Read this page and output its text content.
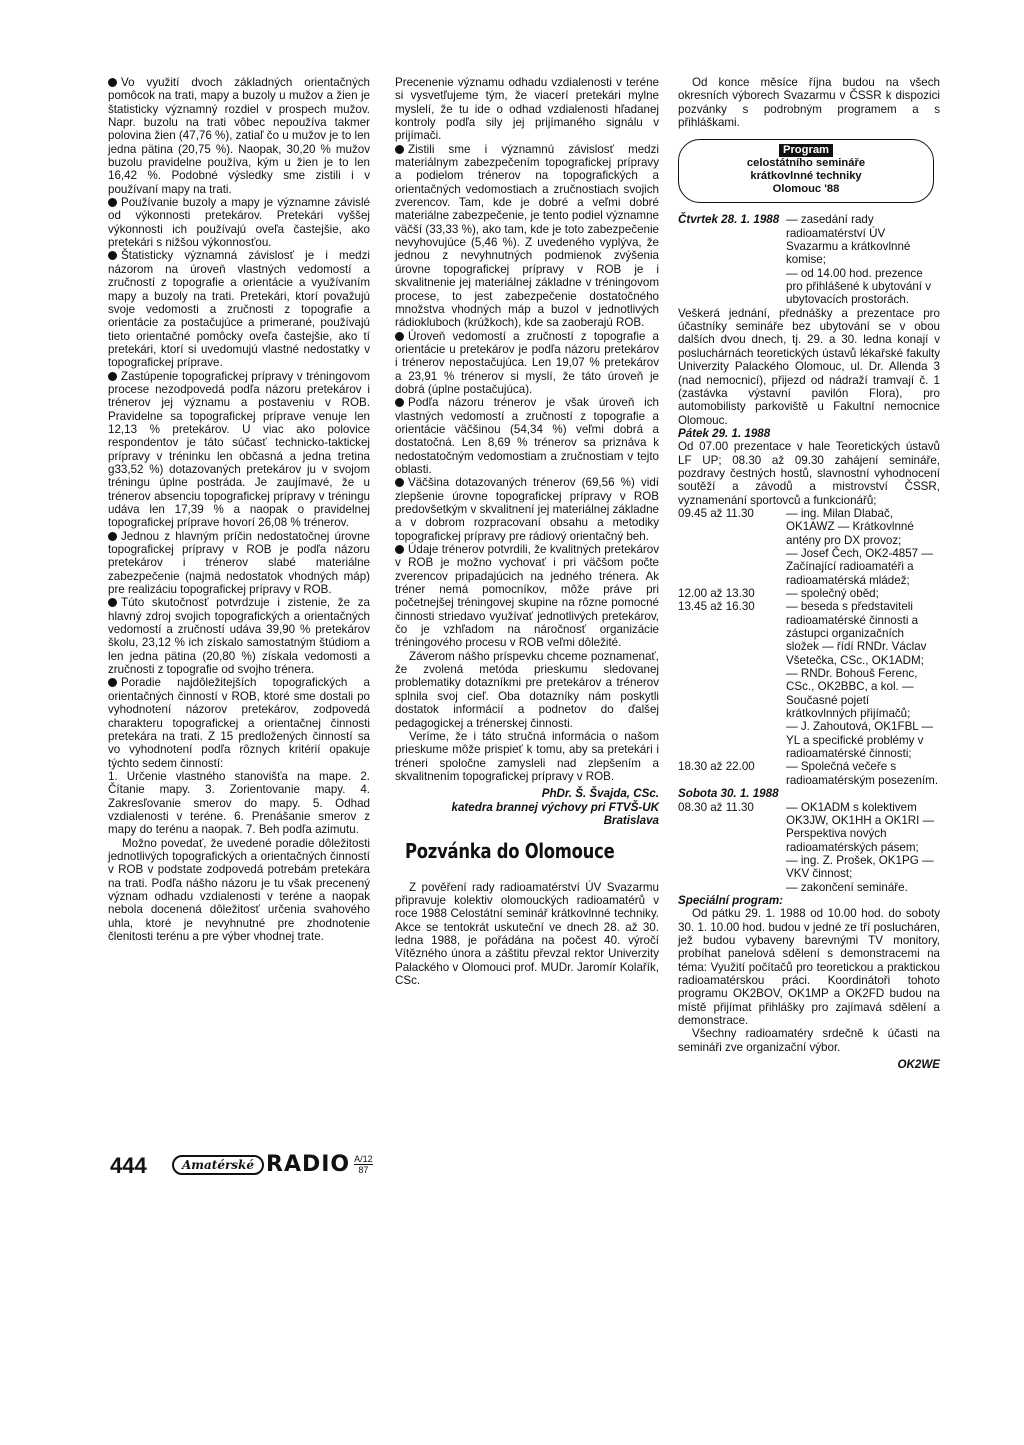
Vo využití dvoch základných orientačných pomôcok na trati, mapy a buzoly u mužov a žien je štatisticky významný rozdiel v prospech mužov. Napr. buzolu na trati vôbec nepoužíva takmer polovina žien (47,76 %), zatiaľ čo u mužov je to len jedna pätina (20,75 %). Naopak, 30,20 % mužov buzolu pravidelne používa, kým u žien je to len 16,42 %. Podobné výsledky sme zistili i v používaní mapy na trati.

Používanie buzoly a mapy je významne závislé od výkonnosti pretekárov. Pretekári vyššej výkonnosti ich používajú oveľa častejšie, ako pretekári s nižšou výkonnosťou.

Štatisticky významná závislosť je i medzi názorom na úroveň vlastných vedomostí a zručností z topografie a orientácie a využívaním mapy a buzoly na trati. Pretekári, ktorí považujú svoje vedomosti a zručnosti z topografie a orientácie za postačujúce a primerané, používajú tieto orientačné pomôcky oveľa častejšie, ako tí pretekári, ktorí si uvedomujú vlastné nedostatky v topografickej príprave.

Zastúpenie topografickej prípravy v tréningovom procese nezodpovedá podľa názoru pretekárov i trénerov jej významu a postaveniu v ROB. Pravidelne sa topografickej príprave venuje len 12,13 % pretekárov. U viac ako polovice respondentov je táto súčasť technicko-taktickej prípravy v tréninku len občasná a jedna tretina g33,52 %) dotazovaných pretekárov ju v svojom tréningu úplne postráda. Je zaujímavé, že u trénerov absenciu topografickej prípravy v tréningu udáva len 17,39 % a naopak o pravidelnej topografickej príprave hovorí 26,08 % trénerov.

Jednou z hlavným príčin nedostatočnej úrovne topografickej prípravy v ROB je podľa názoru pretekárov i trénerov slabé materiálne zabezpečenie (najmä nedostatok vhodných máp) pre realizáciu topografickej prípravy v ROB.

Túto skutočnosť potvrdzuje i zistenie, že za hlavný zdroj svojich topografických a orientačných vedomostí a zručností udáva 39,90 % pretekárov školu, 23,12 % ich získalo samostatným štúdiom a len jedna pätina (20,80 %) získala vedomosti a zručnosti z topografie od svojho trénera.

Poradie najdôležitejších topografických a orientačných činností v ROB, ktoré sme dostali po vyhodnotení názorov pretekárov, zodpovedá charakteru topografickej a orientačnej činnosti pretekára na trati. Z 15 predložených činností sa vo vyhodnotení podľa rôznych kritérií opakuje týchto sedem činností:

1. Určenie vlastného stanovišťa na mape. 2. Čítanie mapy. 3. Zorientovanie mapy. 4. Zakresľovanie smerov do mapy. 5. Odhad vzdialenosti v teréne. 6. Prenášanie smerov z mapy do terénu a naopak. 7. Beh podľa azimutu.

Možno povedať, že uvedené poradie dôležitosti jednotlivých topografických a orientačných činností v ROB v podstate zodpovedá potrebám pretekára na trati. Podľa nášho názoru je tu však precenený význam odhadu vzdialenosti v teréne a naopak nebola docenená dôležitosť určenia svahového uhla, ktoré je nevyhnutné pre zhodnotenie členitosti terénu a pre výber vhodnej trate.

Precenenie významu odhadu vzdialenosti v teréne si vysvetľujeme tým, že viacerí pretekári mylne myslelí, že tu ide o odhad vzdialenosti hľadanej kontroly podľa sily jej prijímaného signálu v prijímači.

Zistili sme i významnú závislosť medzi materiálnym zabezpečením topografickej prípravy a podielom trénerov na topografických a orientačných vedomostiach a zručnostiach svojich zverencov. Tam, kde je dobré a veľmi dobré materiálne zabezpečenie, je tento podiel významne väčší (33,33 %), ako tam, kde je toto zabezpečenie nevyhovujúce (5,46 %). Z uvedeného vyplýva, že jednou z nevyhnutných podmienok zvýšenia úrovne topografickej prípravy v ROB je i skvalitnenie jej materiálnej základne v tréningovom procese, to jest zabezpečenie dostatočného množstva vhodných máp a buzol v jednotlivých rádiokluboch (krúžkoch), kde sa zaoberajú ROB.

Úroveň vedomostí a zručností z topografie a orientácie u pretekárov je podľa názoru pretekárov i trénerov nepostačujúca. Len 19,07 % pretekárov a 23,91 % trénerov si myslí, že táto úroveň je dobrá (úplne postačujúca).

Podľa názoru trénerov je však úroveň ich vlastných vedomostí a zručností z topografie a orientácie väčšinou (54,34 %) veľmi dobrá a dostatočná. Len 8,69 % trénerov sa priznáva k nedostatočným vedomostiam a zručnostiam v tejto oblasti.

Väčšina dotazovaných trénerov (69,56 %) vidí zlepšenie úrovne topografickej prípravy v ROB predovšetkým v skvalitnení jej materiálnej základne a v dobrom rozpracovaní obsahu a metodiky topografickej prípravy pre rádiový orientačný beh.

Údaje trénerov potvrdili, že kvalitných pretekárov v ROB je možno vychovať i pri väčšom počte zverencov pripadajúcich na jedného trénera. Ak tréner nemá pomocníkov, môže práve pri početnejšej tréningovej skupine na rôzne pomocné činnosti striedavo využívať jednotlivých pretekárov, čo je vzhľadom na náročnosť organizácie tréningového procesu v ROB veľmi dôležité.

Záverom nášho príspevku chceme poznamenať, že zvolená metóda prieskumu sledovanej problematiky dotazníkmi pre pretekárov a trénerov splnila svoj cieľ. Oba dotazníky nám poskytli dostatok informácií a podnetov do ďalšej pedagogickej a trénerskej činnosti.

Veríme, že i táto stručná informácia o našom prieskume môže prispieť k tomu, aby sa pretekári i tréneri spoločne zamysleli nad zlepšením a skvalitnením topografickej prípravy v ROB.

PhDr. Š. Švajda, CSc.
katedra brannej výchovy pri FTVŠ-UK
Bratislava
Pozvánka do Olomouce

Z pověření rady radioamatérství ÚV Svazarmu připravuje kolektiv olomouckých radioamatérů v roce 1988 Celostátní seminář krátkovlnné techniky. Akce se tentokrát uskuteční ve dnech 28. až 30. ledna 1988, je pořádána na počest 40. výročí Vítězného února a záštitu převzal rektor Univerzity Palackého v Olomouci prof. MUDr. Jaromír Kolařík, CSc.

Od konce měsíce října budou na všech okresních výborech Svazarmu v ČSSR k dispozici pozvánky s podrobným programem a s přihláškami.

Program
celostátního semináře
krátkovlnné techniky
Olomouc '88
Čtvrtek 28. 1. 1988 — zasedání rady radioamatérství ÚV Svazarmu a krátkovlnné komise;
— od 14.00 hod. prezence pro přihlášené k ubytování v ubytovacích prostorách.

Veškerá jednání, přednášky a prezentace pro účastníky semináře bez ubytování se v obou dalších dvou dnech, tj. 29. a 30. ledna konají v posluchárnách teoretických ústavů lékařské fakulty Univerzity Palackého Olomouc, ul. Dr. Allenda 3 (nad nemocnicí), přijezd od nádraží tramvají č. 1 (zastávka výstavní pavilón Flora), pro automobilisty parkoviště u Fakultní nemocnice Olomouc.

Pátek 29. 1. 1988

Od 07.00 prezentace v hale Teoretických ústavů LF UP; 08.30 až 09.30 zahájení semináře, pozdravy čestných hostů, slavnostní vyhodnocení soutěží a závodů a mistrovství ČSSR, vyznamenání sportovců a funkcionářů;

09.45 až 11.30	— ing. Milan Dlabač, OK1AWZ — Krátkovlnné antény pro DX provoz;
— Josef Čech, OK2-4857 — Začínající radioamatéři a radioamatérská mládež;
12.00 až 13.30	— společný oběd;
13.45 až 16.30	— beseda s představiteli radioamatérské činnosti a zástupci organizačních složek — řídí RNDr. Václav Všetečka, CSc., OK1ADM;
— RNDr. Bohouš Ferenc, CSc., OK2BBC, a kol. — Současné pojetí krátkovlnných přijímačů;
— J. Zahoutová, OK1FBL — YL a specifické problémy v radioamatérské činnosti;
18.30 až 22.00	— Společná večeře s radioamatérským posezením.
Sobota 30. 1. 1988
08.30 až 11.30	— OK1ADM s kolektivem OK3JW, OK1HH a OK1RI — Perspektiva nových radioamatérských pásem;
— ing. Z. Prošek, OK1PG — VKV činnost;
— zakončení semináře.
Speciální program:

Od pátku 29. 1. 1988 od 10.00 hod. do soboty 30. 1. 10.00 hod. budou v jedné ze tří poslucháren, jež budou vybaveny barevnými TV monitory, probíhat panelová sdělení s demonstracemi na téma: Využití počítačů pro teoretickou a praktickou radioamatérskou práci. Koordinátoři tohoto programu OK2BOV, OK1MP a OK2FD budou na místě přijímat přihlášky pro zajímavá sdělení a demonstrace.

Všechny radioamatéry srdečně k účasti na semináři zve organizační výbor.

OK2WE
444	Amatérské RADIO A/12
87
